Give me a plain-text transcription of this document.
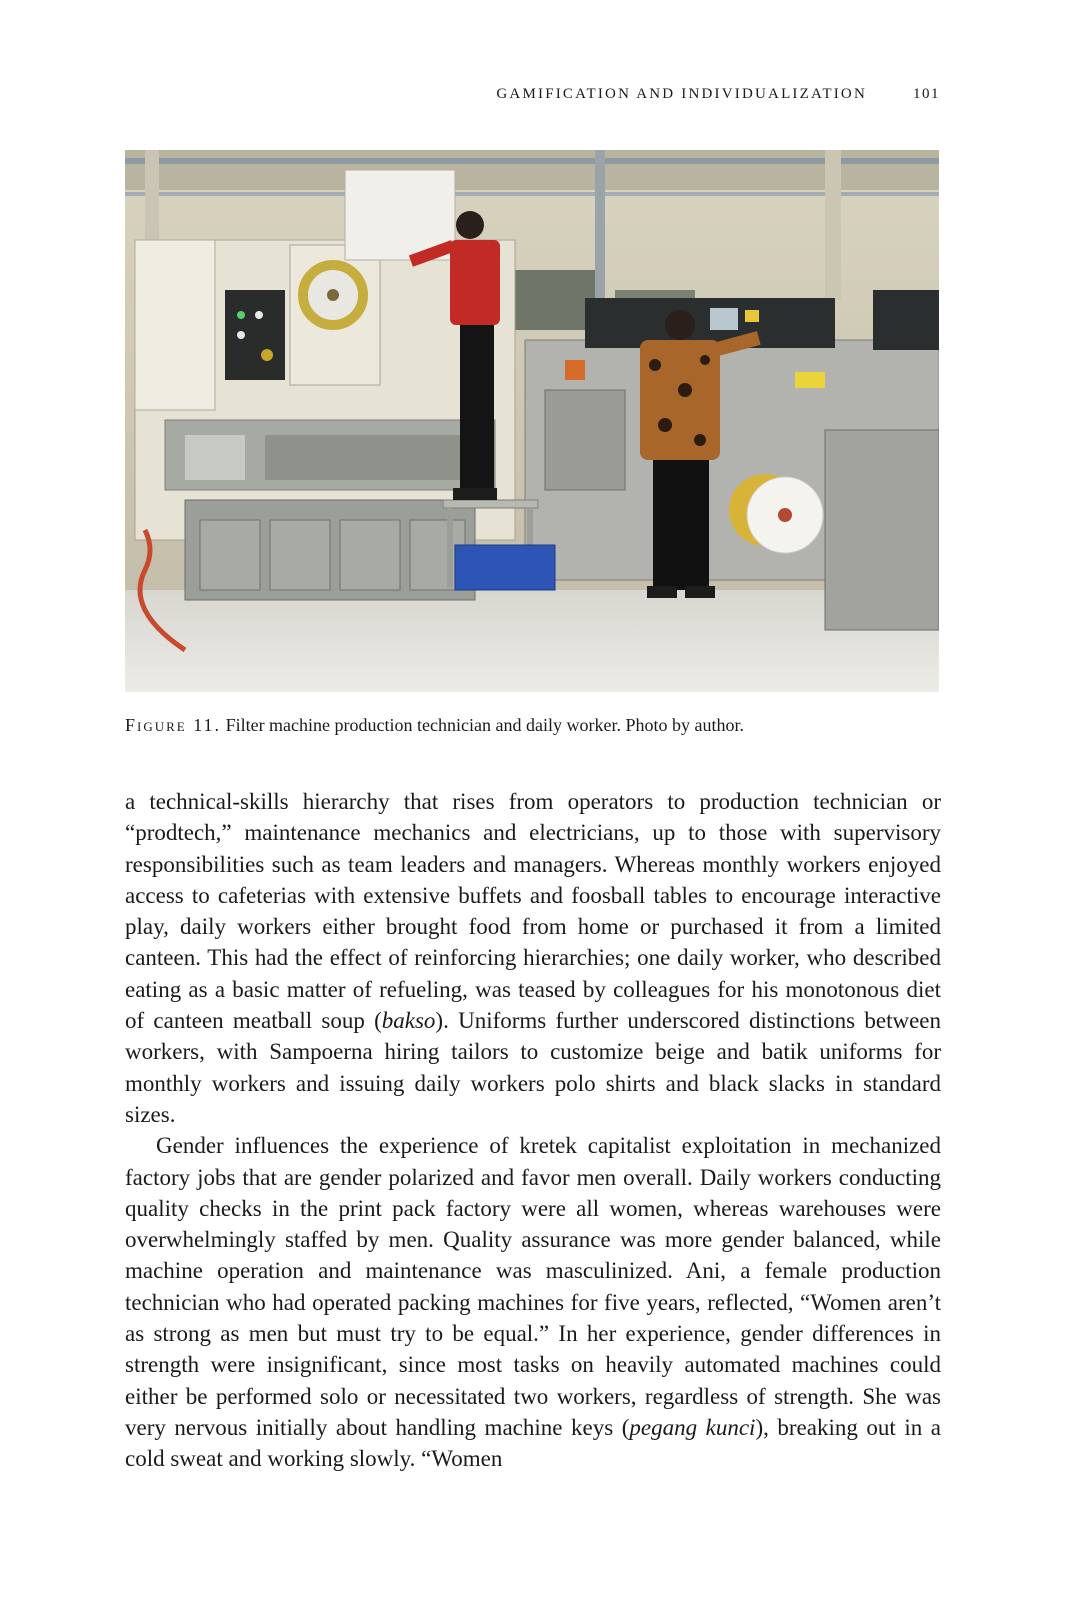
GAMIFICATION AND INDIVIDUALIZATION	101
Figure 11. Filter machine production technician and daily worker. Photo by author.

a technical-skills hierarchy that rises from operators to production technician or “prodtech,” maintenance mechanics and electricians, up to those with supervisory responsibilities such as team leaders and managers. Whereas monthly workers enjoyed access to cafeterias with extensive buffets and foosball tables to encourage interactive play, daily workers either brought food from home or purchased it from a limited canteen. This had the effect of reinforcing hierarchies; one daily worker, who described eating as a basic matter of refueling, was teased by colleagues for his monotonous diet of canteen meatball soup (bakso). Uniforms further underscored distinctions between workers, with Sampoerna hiring tailors to customize beige and batik uniforms for monthly workers and issuing daily workers polo shirts and black slacks in standard sizes.

Gender influences the experience of kretek capitalist exploitation in mechanized factory jobs that are gender polarized and favor men overall. Daily workers conducting quality checks in the print pack factory were all women, whereas warehouses were overwhelmingly staffed by men. Quality assurance was more gender balanced, while machine operation and maintenance was masculinized. Ani, a female production technician who had operated packing machines for five years, reflected, “Women aren’t as strong as men but must try to be equal.” In her experience, gender differences in strength were insignificant, since most tasks on heavily automated machines could either be performed solo or necessitated two workers, regardless of strength. She was very nervous initially about handling machine keys (pegang kunci), breaking out in a cold sweat and working slowly. “Women
